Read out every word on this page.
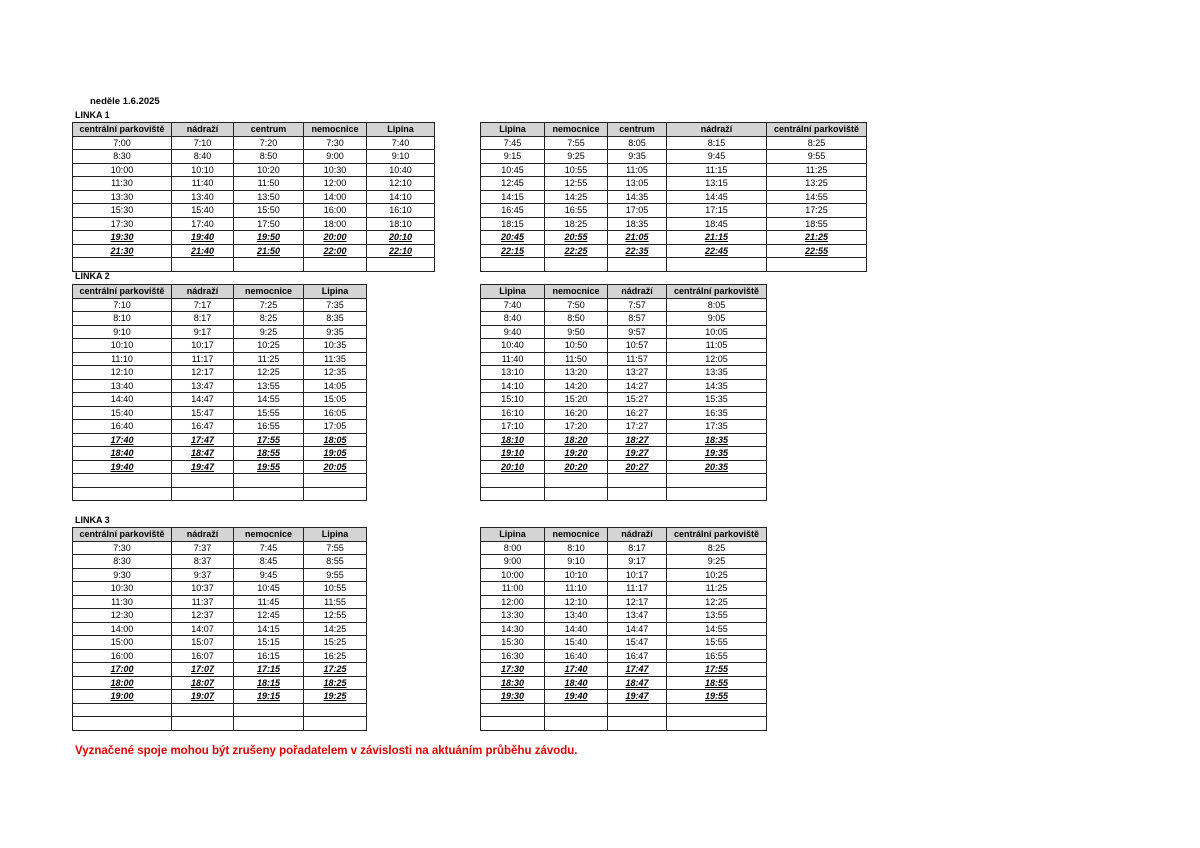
neděle 1.6.2025
LINKA 1
centrální parkoviště	nádraží	centrum	nemocnice	Lipina
7:00	7:10	7:20	7:30	7:40
8:30	8:40	8:50	9:00	9:10
10:00	10:10	10:20	10:30	10:40
11:30	11:40	11:50	12:00	12:10
13:30	13:40	13:50	14:00	14:10
15:30	15:40	15:50	16:00	16:10
17:30	17:40	17:50	18:00	18:10
19:30	19:40	19:50	20:00	20:10
21:30	21:40	21:50	22:00	22:10

Lipina	nemocnice	centrum	nádraží	centrální parkoviště
7:45	7:55	8:05	8:15	8:25
9:15	9:25	9:35	9:45	9:55
10:45	10:55	11:05	11:15	11:25
12:45	12:55	13:05	13:15	13:25
14:15	14:25	14:35	14:45	14:55
16:45	16:55	17:05	17:15	17:25
18:15	18:25	18:35	18:45	18:55
20:45	20:55	21:05	21:15	21:25
22:15	22:25	22:35	22:45	22:55

LINKA 2
centrální parkoviště	nádraží	nemocnice	Lipina
7:10	7:17	7:25	7:35
8:10	8:17	8:25	8:35
9:10	9:17	9:25	9:35
10:10	10:17	10:25	10:35
11:10	11:17	11:25	11:35
12:10	12:17	12:25	12:35
13:40	13:47	13:55	14:05
14:40	14:47	14:55	15:05
15:40	15:47	15:55	16:05
16:40	16:47	16:55	17:05
17:40	17:47	17:55	18:05
18:40	18:47	18:55	19:05
19:40	19:47	19:55	20:05

Lipina	nemocnice	nádraží	centrální parkoviště
7:40	7:50	7:57	8:05
8:40	8:50	8:57	9:05
9:40	9:50	9:57	10:05
10:40	10:50	10:57	11:05
11:40	11:50	11:57	12:05
13:10	13:20	13:27	13:35
14:10	14:20	14:27	14:35
15:10	15:20	15:27	15:35
16:10	16:20	16:27	16:35
17:10	17:20	17:27	17:35
18:10	18:20	18:27	18:35
19:10	19:20	19:27	19:35
20:10	20:20	20:27	20:35

LINKA 3
centrální parkoviště	nádraží	nemocnice	Lipina
7:30	7:37	7:45	7:55
8:30	8:37	8:45	8:55
9:30	9:37	9:45	9:55
10:30	10:37	10:45	10:55
11:30	11:37	11:45	11:55
12:30	12:37	12:45	12:55
14:00	14:07	14:15	14:25
15:00	15:07	15:15	15:25
16:00	16:07	16:15	16:25
17:00	17:07	17:15	17:25
18:00	18:07	18:15	18:25
19:00	19:07	19:15	19:25

Lipina	nemocnice	nádraží	centrální parkoviště
8:00	8:10	8:17	8:25
9:00	9:10	9:17	9:25
10:00	10:10	10:17	10:25
11:00	11:10	11:17	11:25
12:00	12:10	12:17	12:25
13:30	13:40	13:47	13:55
14:30	14:40	14:47	14:55
15:30	15:40	15:47	15:55
16:30	16:40	16:47	16:55
17:30	17:40	17:47	17:55
18:30	18:40	18:47	18:55
19:30	19:40	19:47	19:55

Vyznačené spoje mohou být zrušeny pořadatelem v závislosti na aktuáním průběhu závodu.
